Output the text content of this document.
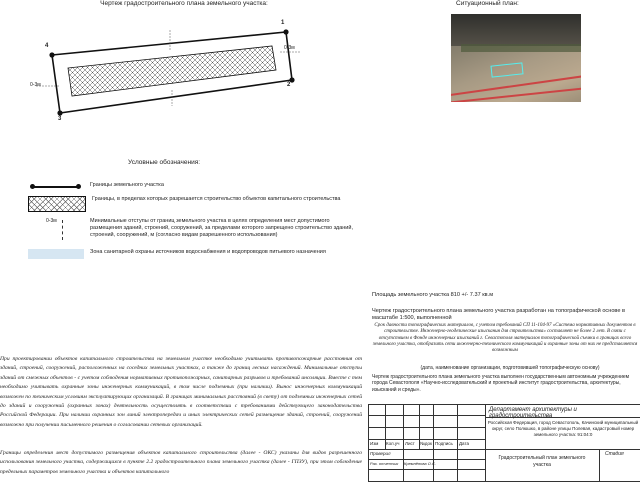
Чертеж градостроительного плана земельного участка:
4
1
2
3
0-3м
0-3м
Ситуационный план:
Условные обозначения:
Границы земельного участка
Границы, в пределах которых разрешается строительство объектов капитального строительства
0-3м	Минимальные отступы от границ земельного участка в целях определения мест допустимого размещения зданий, строений, сооружений, за пределами которого запрещено строительство зданий, строений, сооружений, м (согласно видам разрешенного использования)
Зона санитарной охраны источников водоснабжения и водопроводов питьевого назначения
Площадь земельного участка 810 +/- 7.37 кв.м
Чертеж градостроительного плана земельного участка разработан на топографической основе в масштабе 1:500, выполненной
Срок давности топографических материалов, с учетом требований СП 11-104-97 «Система нормативных документов в строительстве. Инженерно-геодезические изыскания для строительства» составляет не более 2 лет. В связи с отсутствием в Фонде инженерных изысканий г. Севастополя материалов топографической съемки в границах всего земельного участка, отобразить сети инженерно-технического коммуникаций и охранные зоны от них не представляется возможным
(дата, наименование организации, подготовившей топографическую основу)
Чертеж градостроительного плана земельного участка выполнен государственным автономным учреждением города Севастополя «Научно-исследовательский и проектный институт градостроительства, архитектуры, изысканий и среды».
При проектировании объектов капитального строительства на земельном участке необходимо учитывать противопожарные расстояния от зданий, строений, сооружений, расположенных на соседних земельных участках, а также до границ лесных насаждений. Минимальные отступы зданий от смежных объектов - с учетом соблюдения нормативных противопожарных, санитарных разрывов и требований инсоляции. Вместе с тем необходимо учитывать охранные зоны инженерных коммуникаций, в том числе подземных (при наличии). Вынос инженерных коммуникаций возможен по техническим условиям эксплуатирующих организаций. В границах минимальных расстояний (в свету) от подземных инженерных сетей до зданий и сооружений (охранных зонах) деятельность осуществлять в соответствии с требованиями действующего законодательства Российской Федерации. При наличии охранных зон линий электропередач и иных электрических сетей размещение зданий, строений, сооружений возможно при получении письменного решения о согласовании сетевых организаций.
Границы определения мест допустимого размещения объектов капитального строительства (далее - ОКС) указаны для видов разрешенного использования земельного участка, содержащихся в пункте 2.2 градостроительного плана земельного участка (далее - ГПЗУ), при этом соблюдение предельных параметров земельного участка и объектов капитального
Изм Кол.уч Лист №док Подпись Дата
Проверил
Раз. отчетчик Кремлёнова О.С.
Департамент архитектуры и градостроительства
Российская Федерация, город Севастополь, Качинский муниципальный округ, село Полюшко, в районе улицы Полевая, кадастровый номер земельного участка: 91:04:0
Градостроительный план земельного участка
Стадия
